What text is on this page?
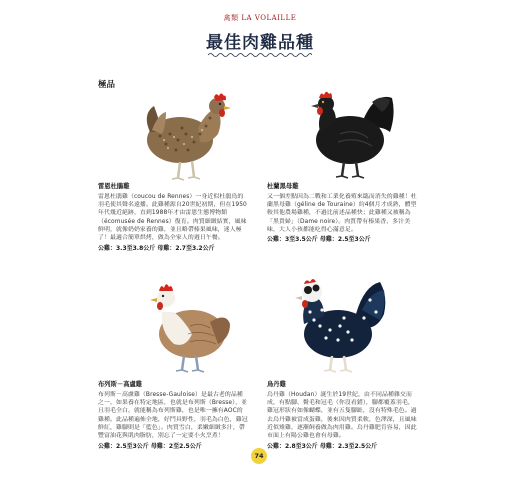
禽類 LA VOLAILLE
最佳肉雞品種
極品
雷恩杜鵑雞
雷恩杜鵑雞（coucou de Rennes）一身近似杜鵑鳥的羽毛使其聲名遠播。此雞種源自20世紀初期，但在1950年代幾近絕跡，直到1988年才由雷恩生態博物館（écomusée de Rennes）復育。肉質細緻結實，風味鮮明，就像奶奶家養的雞，並且略帶榛果風味，迷人極了！最適合簡單烘烤，做為全家人的週日午餐。
公雞：3.3至3.8公斤 母雞：2.7至3.2公斤
杜蘭黑母雞
又一個差點因為二戰和工業化養殖來臨而消失的雞種！杜蘭黑母雞（géline de Touraine）約4個月才成熟，體型較其他農場雞種，不過比前述品種快；此雞種又被稱為「黑貴婦」（Dame noire）。肉質帶有榛果香，多汁美味，大人小孩都能吃得心滿意足。
公雞：3至3.5公斤 母雞：2.5至3公斤
布列斯－高盧雞
布列斯－高盧雞（Bresse-Gauloise）是最古老的品種之一，如果養在特定地區，也就是布列斯（Bresse），並且羽毛全白，就能稱為布列斯雞，也是唯一擁有AOC的雞種。此品種遍佈全地，好鬥具野性，羽毛為白色，雞冠鮮紅，雞腳則是「藍色」。肉質雪白，柔嫩細緻多汁，帶豐富油花與肌肉脂肪，別忘了一定要小火烹煮！
公雞：2.5至3公斤 母雞：2至2.5公斤
烏丹雞
烏丹雞（Houdan）誕生於19世紀，由不同品種雜交而成，有點腳、鬢毛和冠毛（你沒看錯），腳都覆蓋羽毛，雞冠形狀有如像蝴蝶，並有五隻腳趾，沒有特殊毛色。過去烏丹雞被當成蛋雞，後來因肉質柔軟，色澤深，且風味近似雉雞，逐漸飼養做為肉用雞。烏丹雞肥肯容易，因此市面上有陽公雞也會有母雞。
公雞：2.8至3公斤 母雞：2.3至2.5公斤
74
